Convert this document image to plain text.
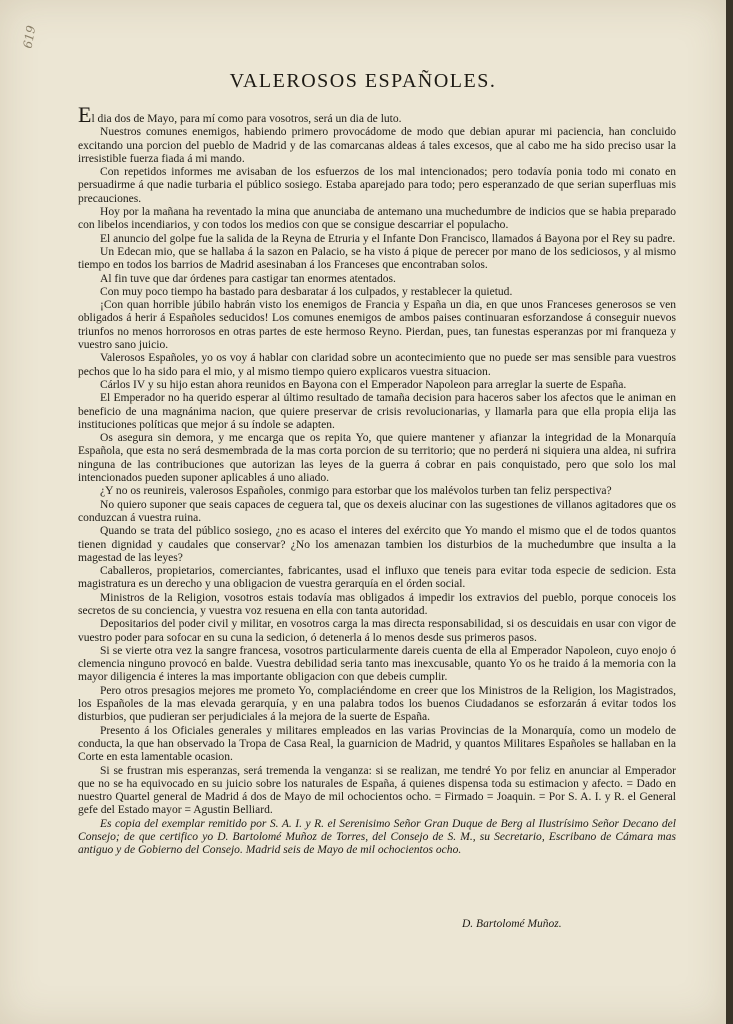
619
VALEROSOS ESPAÑOLES.

El dia dos de Mayo, para mí como para vosotros, será un dia de luto.

Nuestros comunes enemigos, habiendo primero provocádome de modo que debian apurar mi paciencia, han concluido excitando una porcion del pueblo de Madrid y de las comarcanas aldeas á tales excesos, que al cabo me ha sido preciso usar la irresistible fuerza fiada á mi mando.

Con repetidos informes me avisaban de los esfuerzos de los mal intencionados; pero todavía ponia todo mi conato en persuadirme á que nadie turbaria el público sosiego. Estaba aparejado para todo; pero esperanzado de que serian superfluas mis precauciones.

Hoy por la mañana ha reventado la mina que anunciaba de antemano una muchedumbre de indicios que se habia preparado con libelos incendiarios, y con todos los medios con que se consigue descarriar el populacho.

El anuncio del golpe fue la salida de la Reyna de Etruria y el Infante Don Francisco, llamados á Bayona por el Rey su padre.

Un Edecan mio, que se hallaba á la sazon en Palacio, se ha visto á pique de perecer por mano de los sediciosos, y al mismo tiempo en todos los barrios de Madrid asesinaban á los Franceses que encontraban solos.

Al fin tuve que dar órdenes para castigar tan enormes atentados.

Con muy poco tiempo ha bastado para desbaratar á los culpados, y restablecer la quietud.

¡Con quan horrible júbilo habrán visto los enemigos de Francia y España un dia, en que unos Franceses generosos se ven obligados á herir á Españoles seducidos! Los comunes enemigos de ambos paises continuaran esforzandose á conseguir nuevos triunfos no menos horrorosos en otras partes de este hermoso Reyno. Pierdan, pues, tan funestas esperanzas por mi franqueza y vuestro sano juicio.

Valerosos Españoles, yo os voy á hablar con claridad sobre un acontecimiento que no puede ser mas sensible para vuestros pechos que lo ha sido para el mio, y al mismo tiempo quiero explicaros vuestra situacion.

Cárlos IV y su hijo estan ahora reunidos en Bayona con el Emperador Napoleon para arreglar la suerte de España.

El Emperador no ha querido esperar al último resultado de tamaña decision para haceros saber los afectos que le animan en beneficio de una magnánima nacion, que quiere preservar de crisis revolucionarias, y llamarla para que ella propia elija las instituciones políticas que mejor á su índole se adapten.

Os asegura sin demora, y me encarga que os repita Yo, que quiere mantener y afianzar la integridad de la Monarquía Española, que esta no será desmembrada de la mas corta porcion de su territorio; que no perderá ni siquiera una aldea, ni sufrira ninguna de las contribuciones que autorizan las leyes de la guerra á cobrar en pais conquistado, pero que solo los mal intencionados pueden suponer aplicables á uno aliado.

¿Y no os reunireis, valerosos Españoles, conmigo para estorbar que los malévolos turben tan feliz perspectiva?

No quiero suponer que seais capaces de ceguera tal, que os dexeis alucinar con las sugestiones de villanos agitadores que os conduzcan á vuestra ruina.

Quando se trata del público sosiego, ¿no es acaso el interes del exército que Yo mando el mismo que el de todos quantos tienen dignidad y caudales que conservar? ¿No los amenazan tambien los disturbios de la muchedumbre que insulta a la magestad de las leyes?

Caballeros, propietarios, comerciantes, fabricantes, usad el influxo que teneis para evitar toda especie de sedicion. Esta magistratura es un derecho y una obligacion de vuestra gerarquía en el órden social.

Ministros de la Religion, vosotros estais todavía mas obligados á impedir los extravios del pueblo, porque conoceis los secretos de su conciencia, y vuestra voz resuena en ella con tanta autoridad.

Depositarios del poder civil y militar, en vosotros carga la mas directa responsabilidad, si os descuidais en usar con vigor de vuestro poder para sofocar en su cuna la sedicion, ó detenerla á lo menos desde sus primeros pasos.

Si se vierte otra vez la sangre francesa, vosotros particularmente dareis cuenta de ella al Emperador Napoleon, cuyo enojo ó clemencia ninguno provocó en balde. Vuestra debilidad seria tanto mas inexcusable, quanto Yo os he traido á la memoria con la mayor diligencia é interes la mas importante obligacion con que debeis cumplir.

Pero otros presagios mejores me prometo Yo, complaciéndome en creer que los Ministros de la Religion, los Magistrados, los Españoles de la mas elevada gerarquía, y en una palabra todos los buenos Ciudadanos se esforzarán á evitar todos los disturbios, que pudieran ser perjudiciales á la mejora de la suerte de España.

Presento á los Oficiales generales y militares empleados en las varias Provincias de la Monarquía, como un modelo de conducta, la que han observado la Tropa de Casa Real, la guarnicion de Madrid, y quantos Militares Españoles se hallaban en la Corte en esta lamentable ocasion.

Si se frustran mis esperanzas, será tremenda la venganza: si se realizan, me tendré Yo por feliz en anunciar al Emperador que no se ha equivocado en su juicio sobre los naturales de España, á quienes dispensa toda su estimacion y afecto. = Dado en nuestro Quartel general de Madrid á dos de Mayo de mil ochocientos ocho. = Firmado = Joaquin. = Por S. A. I. y R. el General gefe del Estado mayor = Agustin Belliard.

Es copia del exemplar remitido por S. A. I. y R. el Serenisimo Señor Gran Duque de Berg al Ilustrísimo Señor Decano del Consejo; de que certifico yo D. Bartolomé Muñoz de Torres, del Consejo de S. M., su Secretario, Escribano de Cámara mas antiguo y de Gobierno del Consejo. Madrid seis de Mayo de mil ochocientos ocho.

D. Bartolomé Muñoz.
